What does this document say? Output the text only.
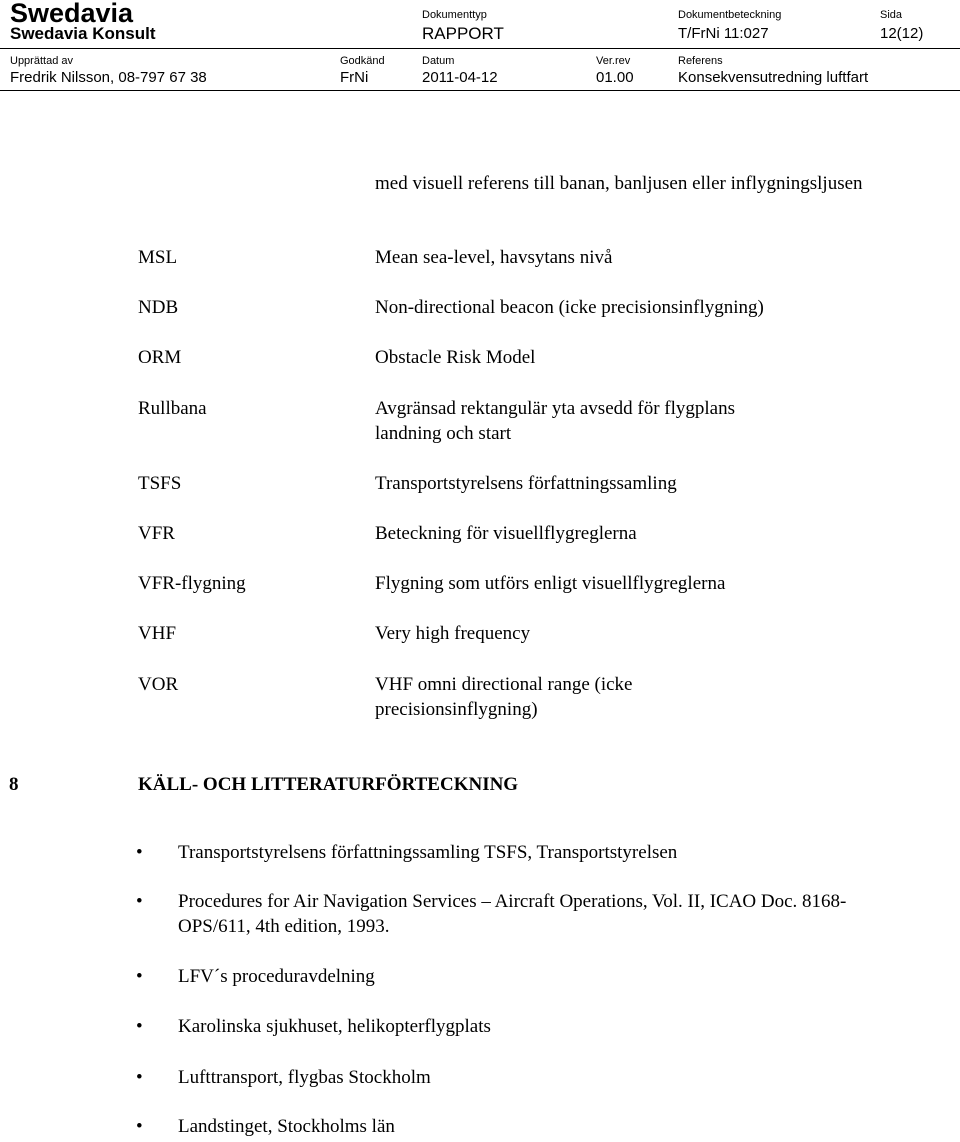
Swedavia
Swedavia Konsult
Dokumenttyp
RAPPORT
Dokumentbeteckning
T/FrNi 11:027
Sida
12(12)
Upprättad av
Fredrik Nilsson, 08-797 67 38
Godkänd
FrNi
Datum
2011-04-12
Ver.rev
01.00
Referens
Konsekvensutredning luftfart
med visuell referens till banan, banljusen eller inflygningsljusen
MSL	Mean sea-level, havsytans nivå
NDB	Non-directional beacon (icke precisionsinflygning)
ORM	Obstacle Risk Model
Rullbana	Avgränsad rektangulär yta avsedd för flygplans landning och start
TSFS	Transportstyrelsens författningssamling
VFR	Beteckning för visuellflygreglerna
VFR-flygning	Flygning som utförs enligt visuellflygreglerna
VHF	Very high frequency
VOR	VHF omni directional range (icke precisionsinflygning)
8	KÄLL- OCH LITTERATURFÖRTECKNING
• Transportstyrelsens författningssamling TSFS, Transportstyrelsen
• Procedures for Air Navigation Services – Aircraft Operations, Vol. II, ICAO Doc. 8168-OPS/611, 4th edition, 1993.
• LFV´s proceduravdelning
• Karolinska sjukhuset, helikopterflygplats
• Lufttransport, flygbas Stockholm
• Landstinget, Stockholms län
